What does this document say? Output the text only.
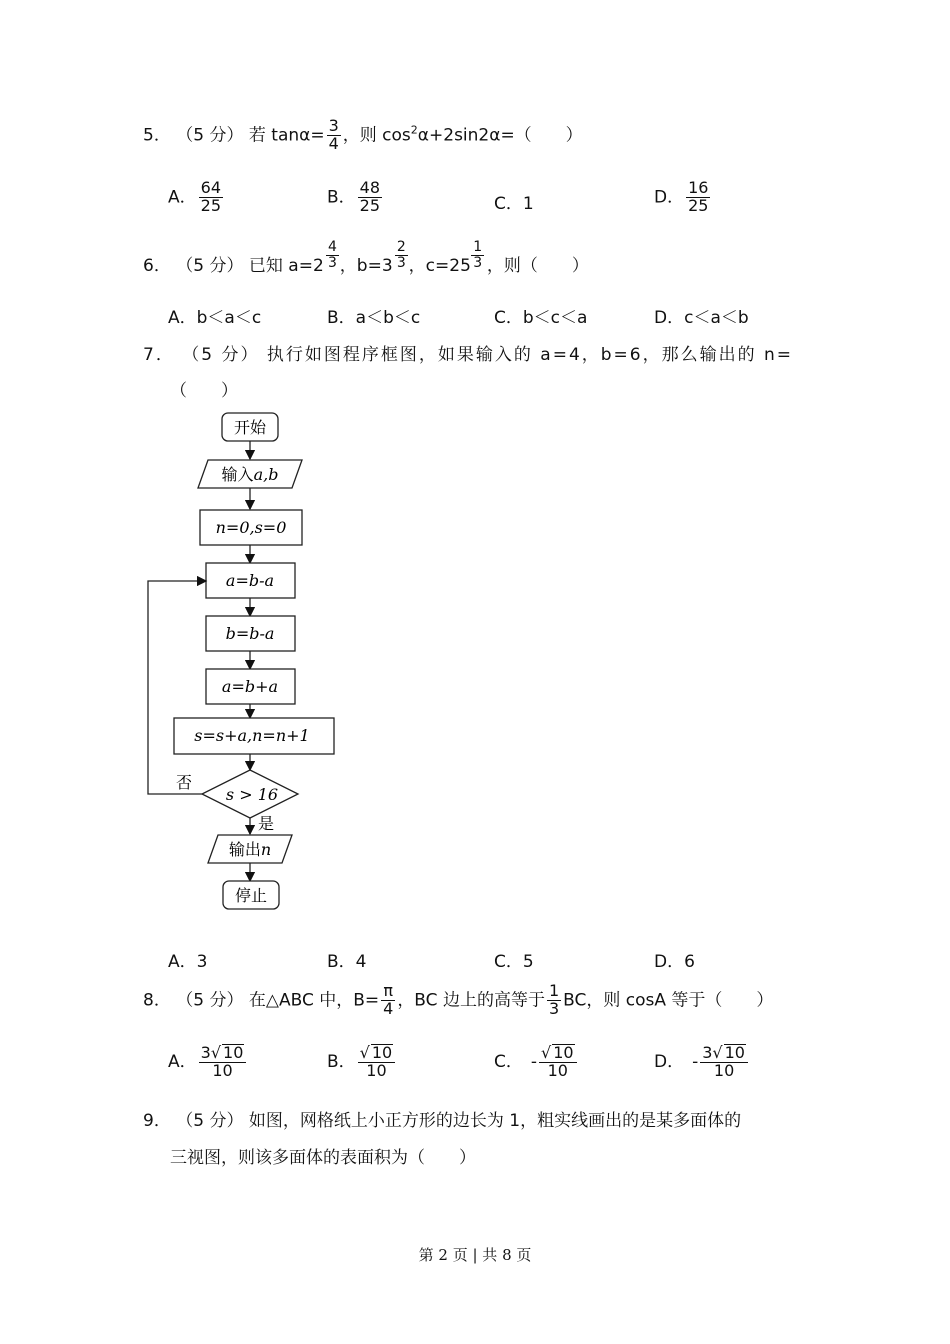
5． （5 分） 若 $\tan\alpha= \frac{3}{4}$ ，则 $\cos^2\alpha+2\sin 2\alpha=$（　　）
A． $\frac{64}{25}$	B． $\frac{48}{25}$	C．1	D． $\frac{16}{25}$
6． （5 分） 已知 $a=2 \frac{4}{3}$ ，$b=3 \frac{2}{3}$ ，$c=25 \frac{1}{3}$ ，则（　　）
A．b＜a＜c	B．a＜b＜c	C．b＜c＜a	D．c＜a＜b
7． （5 分） 执行如图程序框图，如果输入的 a=4，b=6，那么输出的 n=
（　　）
开始
输入a,b
n=0,s=0
a=b-a
b=b-a
a=b+a
s=s+a,n=n+1
s > 16
否
是
输出n
停止
A．3	B．4	C．5	D．6
8． （5 分） 在△ABC 中，$B= \frac{\pi}{4}$ ，BC 边上的高等于 $\frac{1}{3}$ BC，则 cosA 等于（　　）
A． $\frac{3√ 10}{10}$	B． $\frac{√ 10}{10}$	C． - $\frac{√ 10}{10}$	D． - $\frac{3√ 10}{10}$
9． （5 分） 如图，网格纸上小正方形的边长为 1，粗实线画出的是某多面体的
三视图，则该多面体的表面积为（　　）
第 2 页 | 共 8 页
